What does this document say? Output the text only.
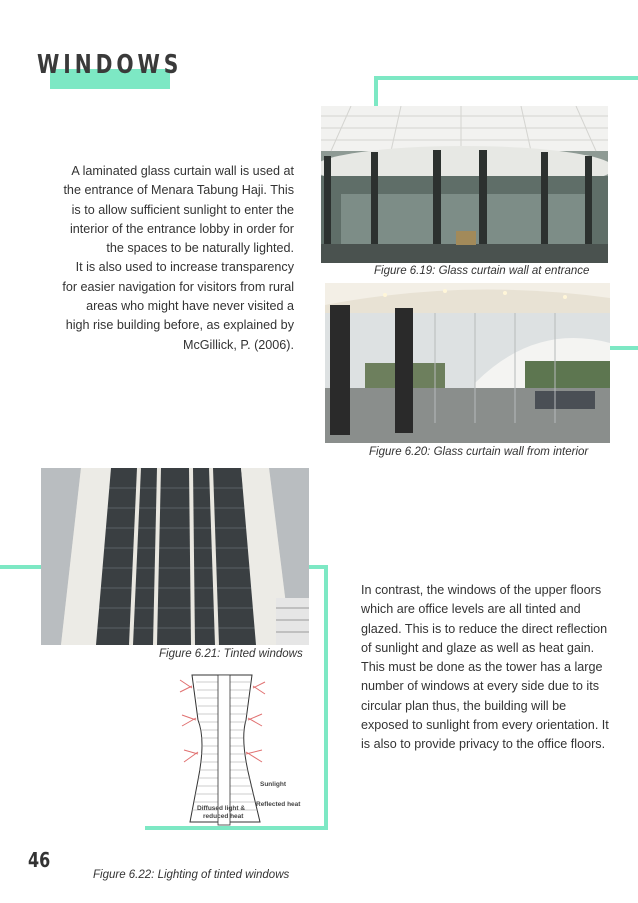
WINDOWS

A laminated glass curtain wall is used at the entrance of Menara Tabung Haji. This is to allow sufficient sunlight to enter the interior of the entrance lobby in order for the spaces to be naturally lighted.

It is also used to increase transparency for easier navigation for visitors from rural areas who might have never visited a high rise building before, as explained by McGillick, P. (2006).

Figure 6.19: Glass curtain wall at entrance
Figure 6.20: Glass curtain wall from interior
Figure 6.21: Tinted windows
Sunlight
Reflected heat
Diffused light &
reduced heat
Figure 6.22: Lighting of tinted windows

In contrast, the windows of the upper floors which are office levels are all tinted and glazed. This is to reduce the direct reflection of sunlight and glaze as well as heat gain.

This must be done as the tower has a large number of windows at every side due to its circular plan thus, the building will be exposed to sunlight from every orientation. It is also to provide privacy to the office floors.

46
